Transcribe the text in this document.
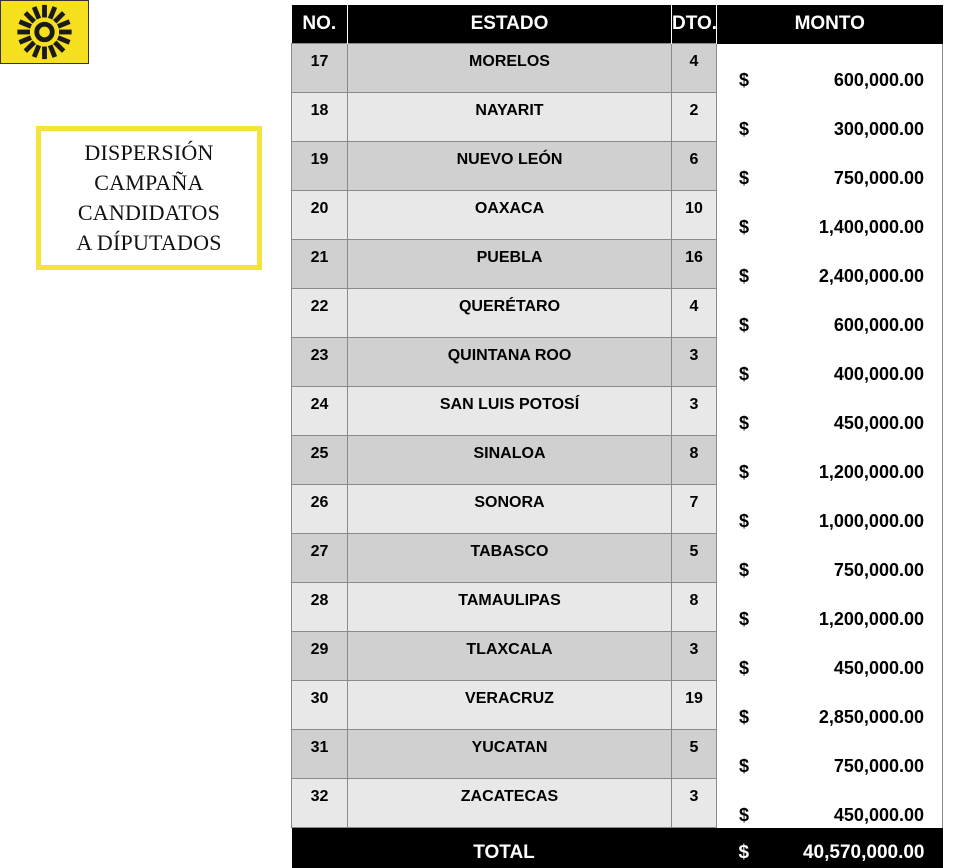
DISPERSIÓN
CAMPAÑA
CANDIDATOS
A DÍPUTADOS
NO.	ESTADO	DTO.	MONTO
17	MORELOS	4	$ 600,000.00

18	NAYARIT	2	$ 300,000.00

19	NUEVO LEÓN	6	$ 750,000.00

20	OAXACA	10	$ 1,400,000.00

21	PUEBLA	16	$ 2,400,000.00

22	QUERÉTARO	4	$ 600,000.00

23	QUINTANA ROO	3	$ 400,000.00

24	SAN LUIS POTOSÍ	3	$ 450,000.00

25	SINALOA	8	$ 1,200,000.00

26	SONORA	7	$ 1,000,000.00

27	TABASCO	5	$ 750,000.00

28	TAMAULIPAS	8	$ 1,200,000.00

29	TLAXCALA	3	$ 450,000.00

30	VERACRUZ	19	$ 2,850,000.00

31	YUCATAN	5	$ 750,000.00

32	ZACATECAS	3	$ 450,000.00

TOTAL			$ 40,570,000.00
